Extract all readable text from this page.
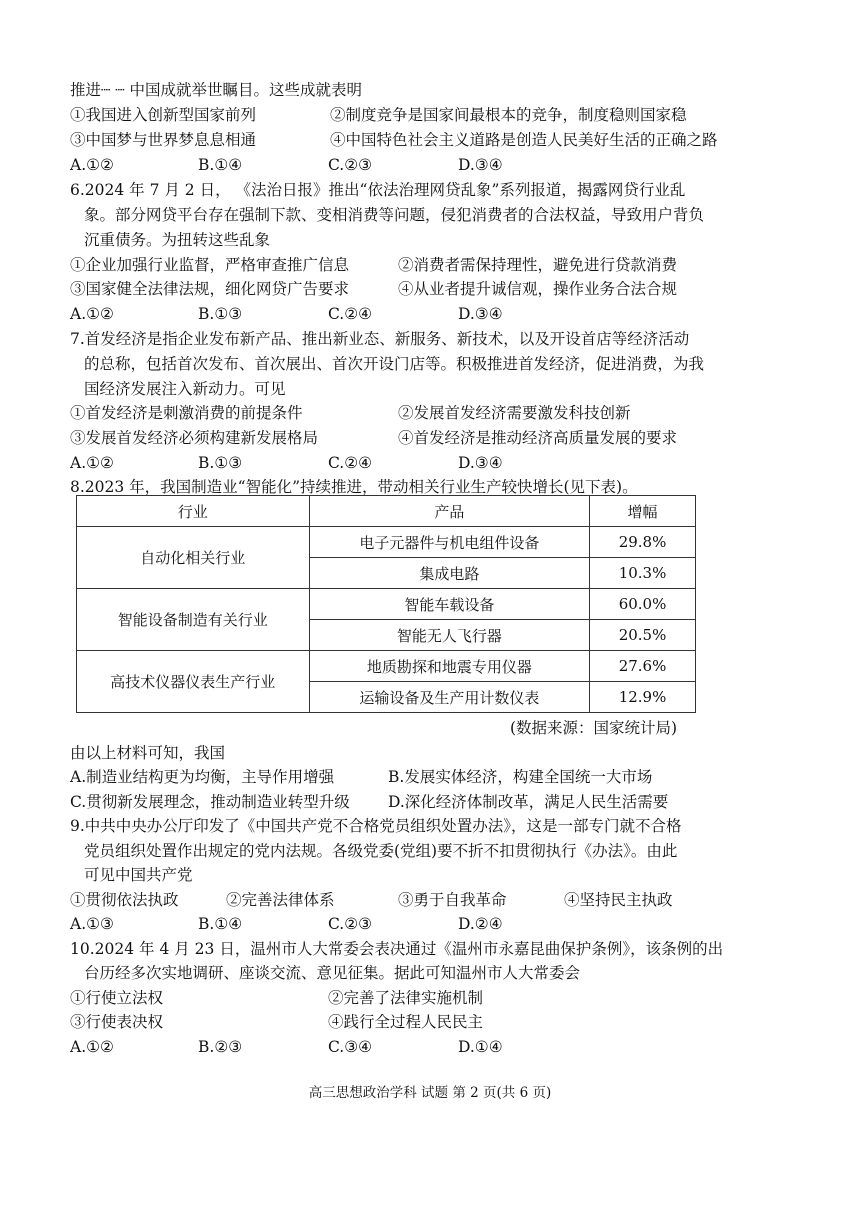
推进┈ ┈ 中国成就举世瞩目。这些成就表明
①我国进入创新型国家前列	②制度竞争是国家间最根本的竞争，制度稳则国家稳
③中国梦与世界梦息息相通	④中国特色社会主义道路是创造人民美好生活的正确之路
A.①②	B.①④	C.②③	D.③④
6.2024 年 7 月 2 日， 《法治日报》推出“依法治理网贷乱象”系列报道，揭露网贷行业乱
象。部分网贷平台存在强制下款、变相消费等问题，侵犯消费者的合法权益，导致用户背负
沉重债务。为扭转这些乱象
①企业加强行业监督，严格审查推广信息	②消费者需保持理性，避免进行贷款消费
③国家健全法律法规，细化网贷广告要求	④从业者提升诚信观，操作业务合法合规
A.①②	B.①③	C.②④	D.③④
7.首发经济是指企业发布新产品、推出新业态、新服务、新技术，以及开设首店等经济活动
的总称，包括首次发布、首次展出、首次开设门店等。积极推进首发经济，促进消费，为我
国经济发展注入新动力。可见
①首发经济是刺激消费的前提条件	②发展首发经济需要激发科技创新
③发展首发经济必须构建新发展格局	④首发经济是推动经济高质量发展的要求
A.①②	B.①③	C.②④	D.③④
8.2023 年，我国制造业“智能化”持续推进，带动相关行业生产较快增长(见下表)。
行业	产品	增幅
自动化相关行业	电子元器件与机电组件设备	29.8%
	集成电路	10.3%
智能设备制造有关行业	智能车载设备	60.0%
	智能无人飞行器	20.5%
高技术仪器仪表生产行业	地质勘探和地震专用仪器	27.6%
	运输设备及生产用计数仪表	12.9%
(数据来源：国家统计局)
由以上材料可知，我国
A.制造业结构更为均衡，主导作用增强	B.发展实体经济，构建全国统一大市场
C.贯彻新发展理念，推动制造业转型升级 D.深化经济体制改革，满足人民生活需要
9.中共中央办公厅印发了《中国共产党不合格党员组织处置办法》，这是一部专门就不合格
党员组织处置作出规定的党内法规。各级党委(党组)要不折不扣贯彻执行《办法》。由此
可见中国共产党
①贯彻依法执政	②完善法律体系	③勇于自我革命	④坚持民主执政
A.①③	B.①④	C.②③	D.②④
10.2024 年 4 月 23 日，温州市人大常委会表决通过《温州市永嘉昆曲保护条例》，该条例的出
台历经多次实地调研、座谈交流、意见征集。据此可知温州市人大常委会
①行使立法权	②完善了法律实施机制
③行使表决权	④践行全过程人民民主
A.①②	B.②③	C.③④	D.①④
高三思想政治学科 试题 第 2 页(共 6 页)
